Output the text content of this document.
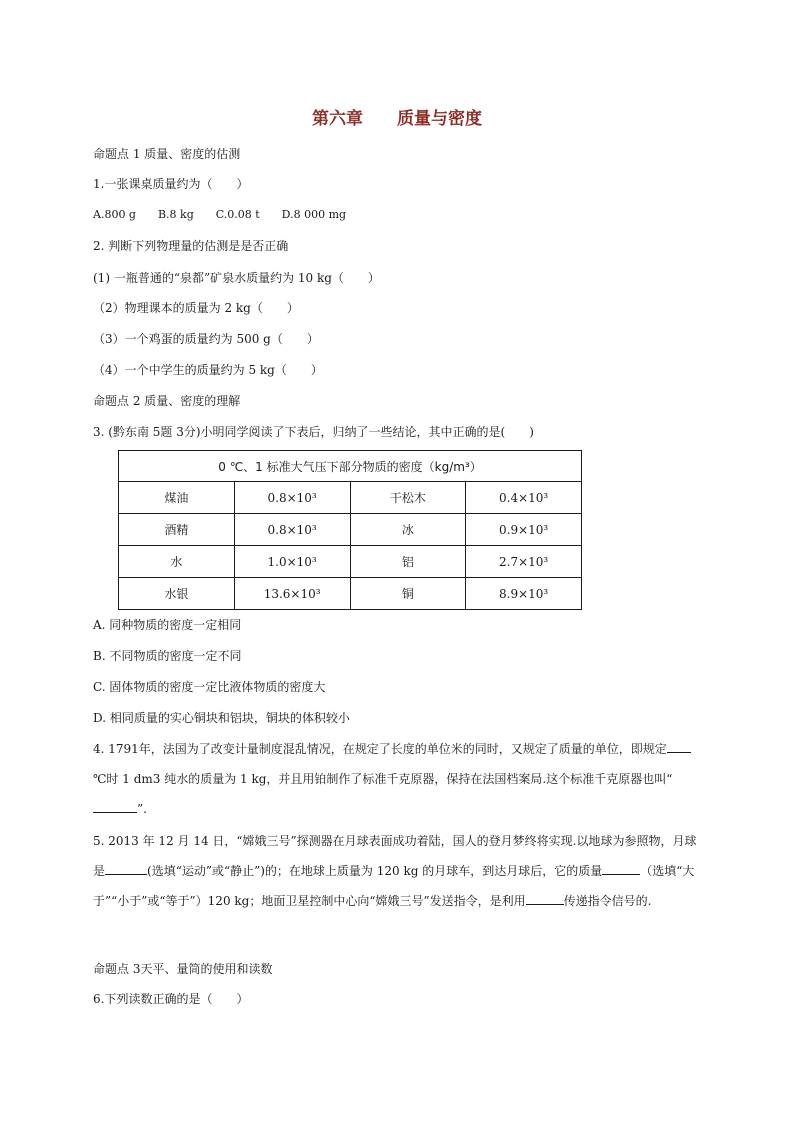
第六章　　质量与密度
命题点 1 质量、密度的估测
1.一张课桌质量约为（　　）
A.800 g　　B.8 kg　　C.0.08 t　　D.8 000 mg
2. 判断下列物理量的估测是是否正确
(1) 一瓶普通的“泉都”矿泉水质量约为 10 kg（　　）
（2）物理课本的质量为 2 kg（　　）
（3）一个鸡蛋的质量约为 500 g（　　）
（4）一个中学生的质量约为 5 kg（　　）
命题点 2 质量、密度的理解
3. (黔东南 5题 3分)小明同学阅读了下表后，归纳了一些结论，其中正确的是(　　)
0 ℃、1 标准大气压下部分物质的密度（kg/m³）			
煤油	0.8×10³	干松木	0.4×10³
酒精	0.8×10³	冰	0.9×10³
水	1.0×10³	铝	2.7×10³
水银	13.6×10³	铜	8.9×10³
A. 同种物质的密度一定相同
B. 不同物质的密度一定不同
C. 固体物质的密度一定比液体物质的密度大
D. 相同质量的实心铜块和铝块，铜块的体积较小
4. 1791年，法国为了改变计量制度混乱情况，在规定了长度的单位米的同时，又规定了质量的单位，即规定℃时 1 dm3 纯水的质量为 1 kg，并且用铂制作了标准千克原器，保持在法国档案局.这个标准千克原器也叫“”.
5. 2013 年 12 月 14 日，“嫦娥三号”探测器在月球表面成功着陆，国人的登月梦终将实现.以地球为参照物，月球是	(选填“运动”或“静止”)的；在地球上质量为 120 kg 的月球车，到达月球后，它的质量	（选填“大于”“小于”或“等于”）120 kg；地面卫星控制中心向“嫦娥三号”发送指令，是利用	传递指令信号的.
命题点 3天平、量筒的使用和读数
6.下列读数正确的是（　　）
